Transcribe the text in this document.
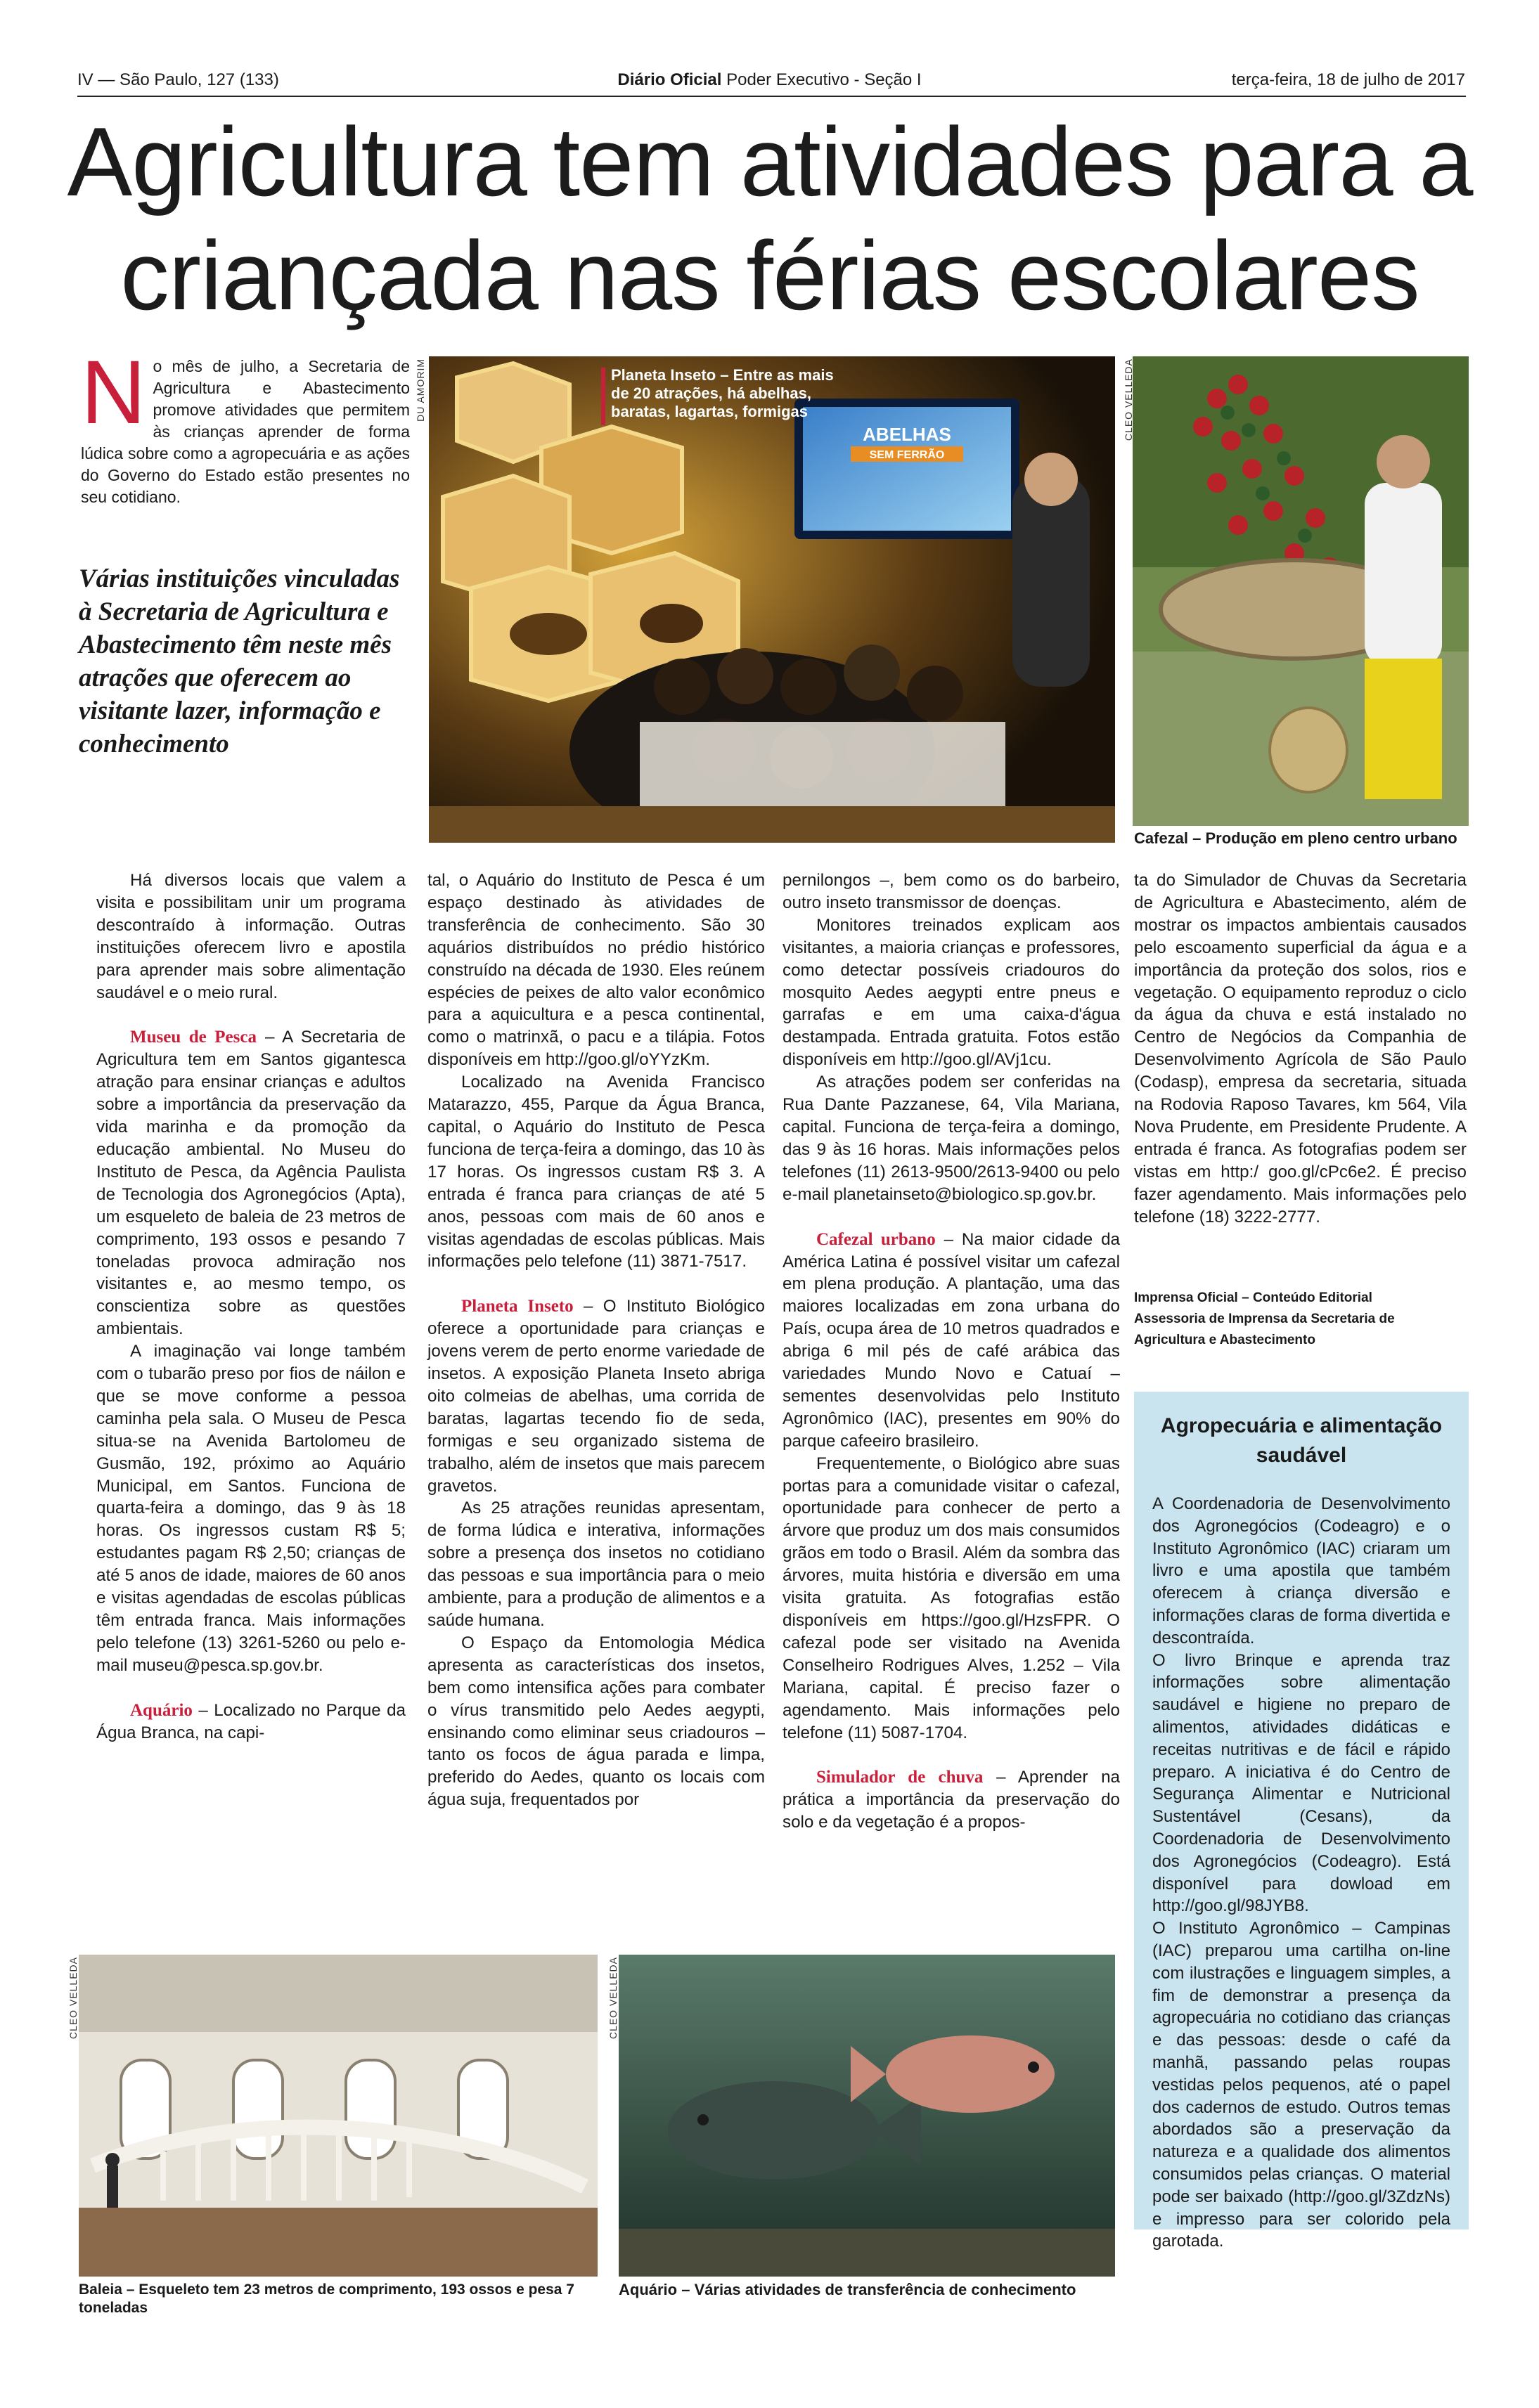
IV — São Paulo, 127 (133)	Diário Oficial Poder Executivo - Seção I	terça-feira, 18 de julho de 2017
Agricultura tem atividades para a
criançada nas férias escolares
No mês de julho, a Secretaria de Agricultura e Abastecimento promove atividades que permitem às crianças aprender de forma lúdica sobre como a agropecuária e as ações do Governo do Estado estão presentes no seu cotidiano.
Várias instituições vinculadas à Secretaria de Agricultura e Abastecimento têm neste mês atrações que oferecem ao visitante lazer, informação e conhecimento
ABELHAS
SEM FERRÃO
Planeta Inseto – Entre as mais de 20 atrações, há abelhas, baratas, lagartas, formigas
DU AMORIM	CLEO VELLEDA
Cafezal – Produção em pleno centro urbano

Há diversos locais que valem a visita e possibilitam unir um programa descontraído à informação. Outras instituições oferecem livro e apostila para aprender mais sobre alimentação saudável e o meio rural.

Museu de Pesca – A Secretaria de Agricultura tem em Santos gigantesca atração para ensinar crianças e adultos sobre a importância da preservação da vida marinha e da promoção da educação ambiental. No Museu do Instituto de Pesca, da Agência Paulista de Tecnologia dos Agronegócios (Apta), um esqueleto de baleia de 23 metros de comprimento, 193 ossos e pesando 7 toneladas provoca admiração nos visitantes e, ao mesmo tempo, os conscientiza sobre as questões ambientais.

A imaginação vai longe também com o tubarão preso por fios de náilon e que se move conforme a pessoa caminha pela sala. O Museu de Pesca situa-se na Avenida Bartolomeu de Gusmão, 192, próximo ao Aquário Municipal, em Santos. Funciona de quarta-feira a domingo, das 9 às 18 horas. Os ingressos custam R$ 5; estudantes pagam R$ 2,50; crianças de até 5 anos de idade, maiores de 60 anos e visitas agendadas de escolas públicas têm entrada franca. Mais informações pelo telefone (13) 3261-5260 ou pelo e-mail museu@pesca.sp.gov.br.

Aquário – Localizado no Parque da Água Branca, na capi-

tal, o Aquário do Instituto de Pesca é um espaço destinado às atividades de transferência de conhecimento. São 30 aquários distribuídos no prédio histórico construído na década de 1930. Eles reúnem espécies de peixes de alto valor econômico para a aquicultura e a pesca continental, como o matrinxã, o pacu e a tilápia. Fotos disponíveis em http://goo.gl/oYYzKm.

Localizado na Avenida Francisco Matarazzo, 455, Parque da Água Branca, capital, o Aquário do Instituto de Pesca funciona de terça-feira a domingo, das 10 às 17 horas. Os ingressos custam R$ 3. A entrada é franca para crianças de até 5 anos, pessoas com mais de 60 anos e visitas agendadas de escolas públicas. Mais informações pelo telefone (11) 3871-7517.

Planeta Inseto – O Instituto Biológico oferece a oportunidade para crianças e jovens verem de perto enorme variedade de insetos. A exposição Planeta Inseto abriga oito colmeias de abelhas, uma corrida de baratas, lagartas tecendo fio de seda, formigas e seu organizado sistema de trabalho, além de insetos que mais parecem gravetos.

As 25 atrações reunidas apresentam, de forma lúdica e interativa, informações sobre a presença dos insetos no cotidiano das pessoas e sua importância para o meio ambiente, para a produção de alimentos e a saúde humana.

O Espaço da Entomologia Médica apresenta as características dos insetos, bem como intensifica ações para combater o vírus transmitido pelo Aedes aegypti, ensinando como eliminar seus criadouros – tanto os focos de água parada e limpa, preferido do Aedes, quanto os locais com água suja, frequentados por

pernilongos –, bem como os do barbeiro, outro inseto transmissor de doenças.

Monitores treinados explicam aos visitantes, a maioria crianças e professores, como detectar possíveis criadouros do mosquito Aedes aegypti entre pneus e garrafas e em uma caixa-d'água destampada. Entrada gratuita. Fotos estão disponíveis em http://goo.gl/AVj1cu.

As atrações podem ser conferidas na Rua Dante Pazzanese, 64, Vila Mariana, capital. Funciona de terça-feira a domingo, das 9 às 16 horas. Mais informações pelos telefones (11) 2613-9500/2613-9400 ou pelo e-mail planetainseto@biologico.sp.gov.br.

Cafezal urbano – Na maior cidade da América Latina é possível visitar um cafezal em plena produção. A plantação, uma das maiores localizadas em zona urbana do País, ocupa área de 10 metros quadrados e abriga 6 mil pés de café arábica das variedades Mundo Novo e Catuaí – sementes desenvolvidas pelo Instituto Agronômico (IAC), presentes em 90% do parque cafeeiro brasileiro.

Frequentemente, o Biológico abre suas portas para a comunidade visitar o cafezal, oportunidade para conhecer de perto a árvore que produz um dos mais consumidos grãos em todo o Brasil. Além da sombra das árvores, muita história e diversão em uma visita gratuita. As fotografias estão disponíveis em https://goo.gl/HzsFPR. O cafezal pode ser visitado na Avenida Conselheiro Rodrigues Alves, 1.252 – Vila Mariana, capital. É preciso fazer o agendamento. Mais informações pelo telefone (11) 5087-1704.

Simulador de chuva – Aprender na prática a importância da preservação do solo e da vegetação é a propos-

ta do Simulador de Chuvas da Secretaria de Agricultura e Abastecimento, além de mostrar os impactos ambientais causados pelo escoamento superficial da água e a importância da proteção dos solos, rios e vegetação. O equipamento reproduz o ciclo da água da chuva e está instalado no Centro de Negócios da Companhia de Desenvolvimento Agrícola de São Paulo (Codasp), empresa da secretaria, situada na Rodovia Raposo Tavares, km 564, Vila Nova Prudente, em Presidente Prudente. A entrada é franca. As fotografias podem ser vistas em http:/ goo.gl/cPc6e2. É preciso fazer agendamento. Mais informações pelo telefone (18) 3222-2777.

Imprensa Oficial – Conteúdo Editorial
Assessoria de Imprensa da Secretaria de Agricultura e Abastecimento
Agropecuária e alimentação saudável

A Coordenadoria de Desenvolvimento dos Agronegócios (Codeagro) e o Instituto Agronômico (IAC) criaram um livro e uma apostila que também oferecem à criança diversão e informações claras de forma divertida e descontraída.

O livro Brinque e aprenda traz informações sobre alimentação saudável e higiene no preparo de alimentos, atividades didáticas e receitas nutritivas e de fácil e rápido preparo. A iniciativa é do Centro de Segurança Alimentar e Nutricional Sustentável (Cesans), da Coordenadoria de Desenvolvimento dos Agronegócios (Codeagro). Está disponível para dowload em http://goo.gl/98JYB8.

O Instituto Agronômico – Campinas (IAC) preparou uma cartilha on-line com ilustrações e linguagem simples, a fim de demonstrar a presença da agropecuária no cotidiano das crianças e das pessoas: desde o café da manhã, passando pelas roupas vestidas pelos pequenos, até o papel dos cadernos de estudo. Outros temas abordados são a preservação da natureza e a qualidade dos alimentos consumidos pelas crianças. O material pode ser baixado (http://goo.gl/3ZdzNs) e impresso para ser colorido pela garotada.

CLEO VELLEDA
Baleia – Esqueleto tem 23 metros de comprimento, 193 ossos e pesa 7 toneladas
CLEO VELLEDA
Aquário – Várias atividades de transferência de conhecimento
